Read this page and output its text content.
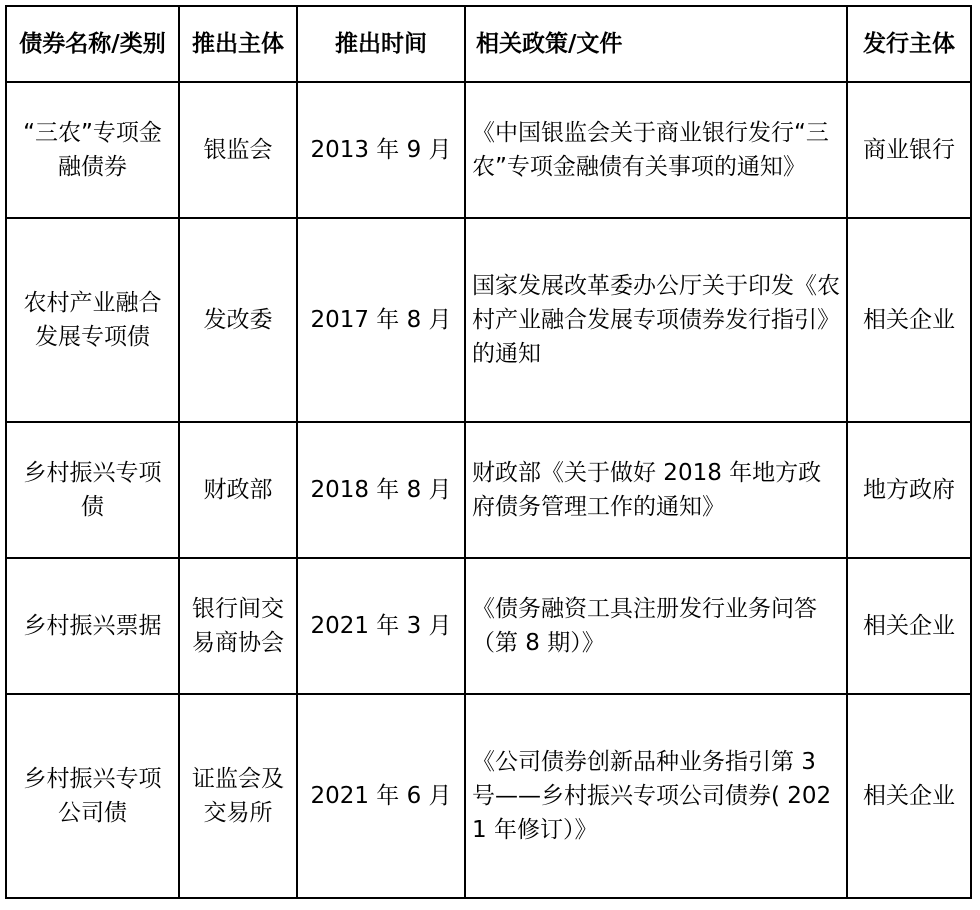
债券名称/类别	推出主体	推出时间	相关政策/文件	发行主体
“三农”专项金融债券	银监会	2013 年 9 月	《中国银监会关于商业银行发行“三农”专项金融债有关事项的通知》	商业银行
农村产业融合发展专项债	发改委	2017 年 8 月	国家发展改革委办公厅关于印发《农村产业融合发展专项债券发行指引》的通知	相关企业
乡村振兴专项债	财政部	2018 年 8 月	财政部《关于做好 2018 年地方政府债务管理工作的通知》	地方政府
乡村振兴票据	银行间交易商协会	2021 年 3 月	《债务融资工具注册发行业务问答（第 8 期）》	相关企业
乡村振兴专项公司债	证监会及交易所	2021 年 6 月	《公司债券创新品种业务指引第 3 号——乡村振兴专项公司债券( 2021 年修订）》	相关企业
